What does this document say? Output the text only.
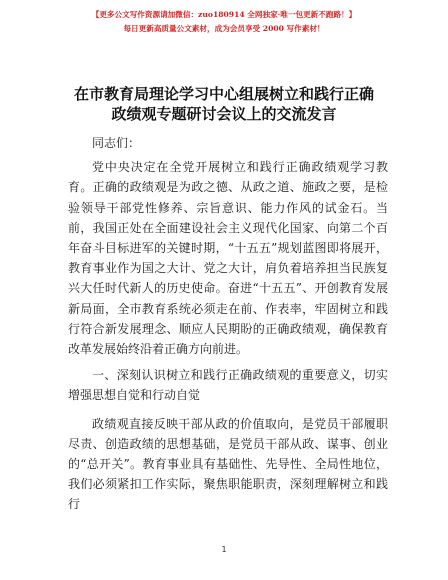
【更多公文写作资源请加微信：zuo180914 全网独家·唯一包更新不跑路！】
每日更新高质量公文素材，成为会员享受 2000 写作素材！
在市教育局理论学习中心组展树立和践行正确
政绩观专题研讨会议上的交流发言

同志们：

党中央决定在全党开展树立和践行正确政绩观学习教育。正确的政绩观是为政之德、从政之道、施政之要，是检验领导干部党性修养、宗旨意识、能力作风的试金石。当前，我国正处在全面建设社会主义现代化国家、向第二个百年奋斗目标进军的关键时期，“十五五”规划蓝图即将展开，教育事业作为国之大计、党之大计，肩负着培养担当民族复兴大任时代新人的历史使命。奋进“十五五”、开创教育发展新局面，全市教育系统必须走在前、作表率，牢固树立和践行符合新发展理念、顺应人民期盼的正确政绩观，确保教育改革发展始终沿着正确方向前进。

一、深刻认识树立和践行正确政绩观的重要意义，切实增强思想自觉和行动自觉

政绩观直接反映干部从政的价值取向，是党员干部履职尽责、创造政绩的思想基础，是党员干部从政、谋事、创业的“总开关”。教育事业具有基础性、先导性、全局性地位，我们必须紧扣工作实际，聚焦职能职责，深刻理解树立和践行

1
